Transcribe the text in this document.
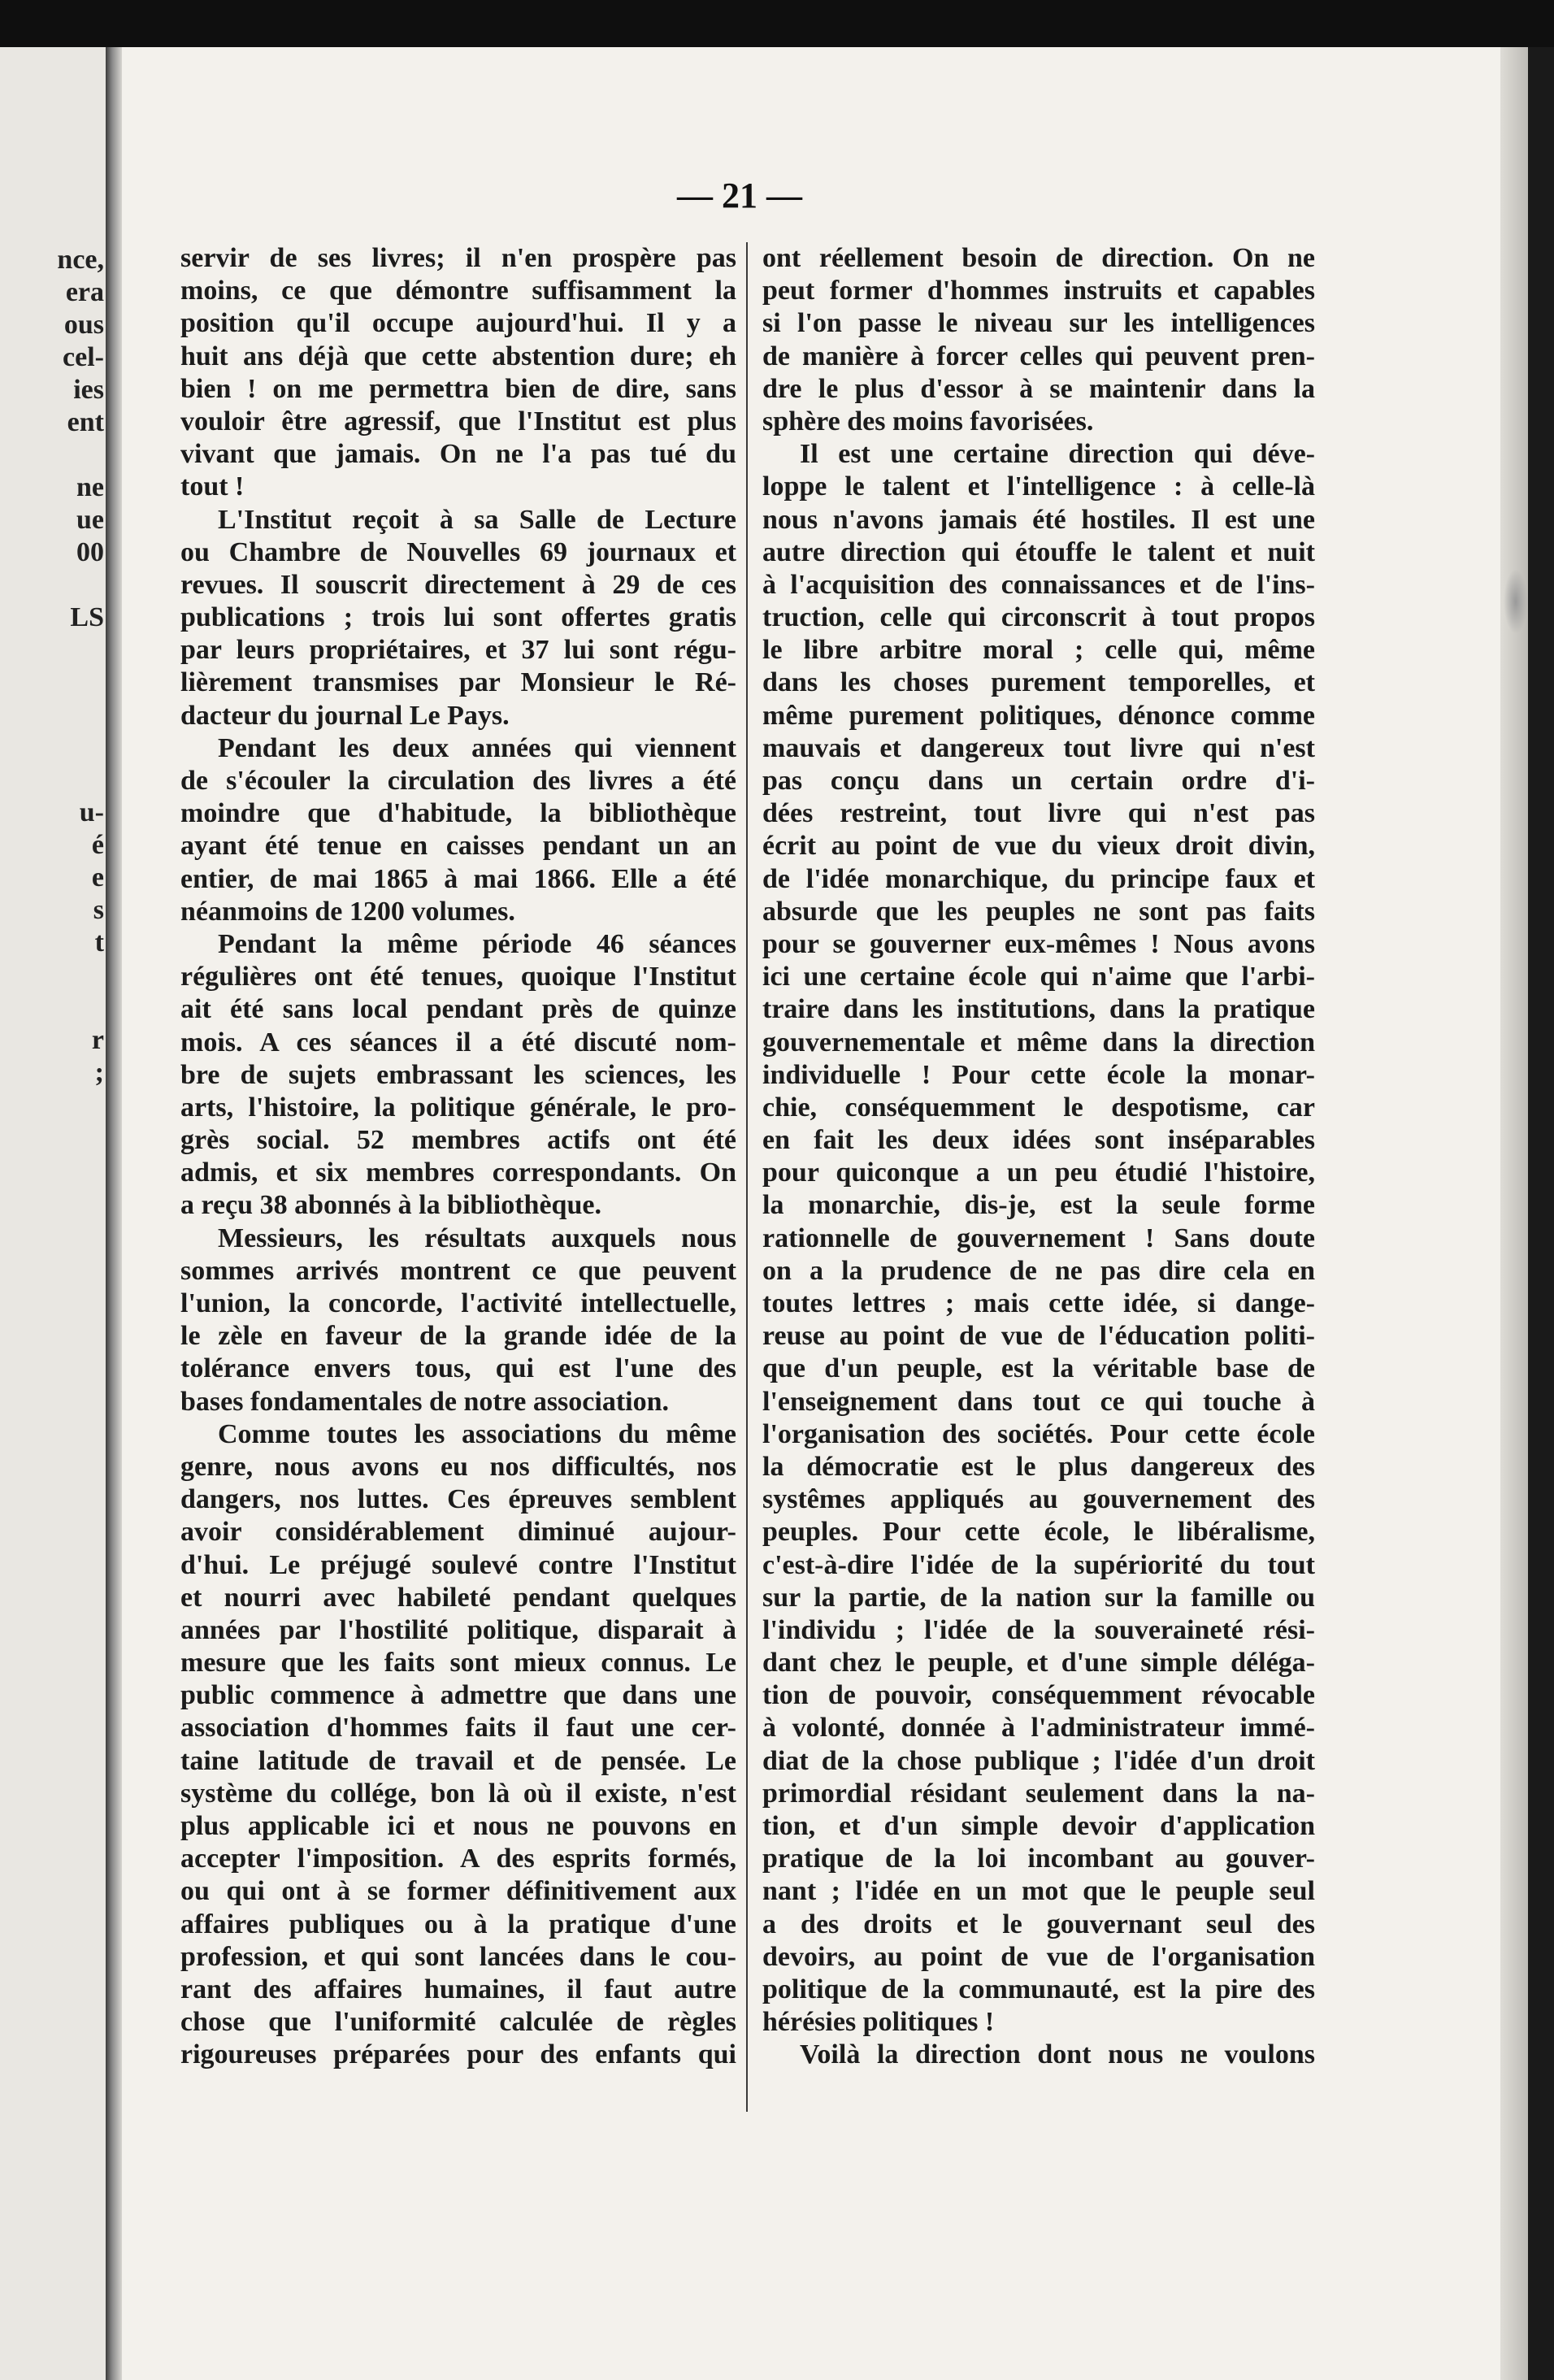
nce,
era
ous
cel-
ies
ent
ne
ue
00
LS
u-
é
e
s
t
r
;
— 21 —
servir de ses livres; il n'en prospère pas
moins, ce que démontre suffisamment la
position qu'il occupe aujourd'hui. Il y a
huit ans déjà que cette abstention dure; eh
bien ! on me permettra bien de dire, sans
vouloir être agressif, que l'Institut est plus
vivant que jamais. On ne l'a pas tué du
tout !
L'Institut reçoit à sa Salle de Lecture
ou Chambre de Nouvelles 69 journaux et
revues. Il souscrit directement à 29 de ces
publications ; trois lui sont offertes gratis
par leurs propriétaires, et 37 lui sont régu-
lièrement transmises par Monsieur le Ré-
dacteur du journal Le Pays.
Pendant les deux années qui viennent
de s'écouler la circulation des livres a été
moindre que d'habitude, la bibliothèque
ayant été tenue en caisses pendant un an
entier, de mai 1865 à mai 1866. Elle a été
néanmoins de 1200 volumes.
Pendant la même période 46 séances
régulières ont été tenues, quoique l'Institut
ait été sans local pendant près de quinze
mois. A ces séances il a été discuté nom-
bre de sujets embrassant les sciences, les
arts, l'histoire, la politique générale, le pro-
grès social. 52 membres actifs ont été
admis, et six membres correspondants. On
a reçu 38 abonnés à la bibliothèque.
Messieurs, les résultats auxquels nous
sommes arrivés montrent ce que peuvent
l'union, la concorde, l'activité intellectuelle,
le zèle en faveur de la grande idée de la
tolérance envers tous, qui est l'une des
bases fondamentales de notre association.
Comme toutes les associations du même
genre, nous avons eu nos difficultés, nos
dangers, nos luttes. Ces épreuves semblent
avoir considérablement diminué aujour-
d'hui. Le préjugé soulevé contre l'Institut
et nourri avec habileté pendant quelques
années par l'hostilité politique, disparait à
mesure que les faits sont mieux connus. Le
public commence à admettre que dans une
association d'hommes faits il faut une cer-
taine latitude de travail et de pensée. Le
système du collége, bon là où il existe, n'est
plus applicable ici et nous ne pouvons en
accepter l'imposition. A des esprits formés,
ou qui ont à se former définitivement aux
affaires publiques ou à la pratique d'une
profession, et qui sont lancées dans le cou-
rant des affaires humaines, il faut autre
chose que l'uniformité calculée de règles
rigoureuses préparées pour des enfants qui
ont réellement besoin de direction. On ne
peut former d'hommes instruits et capables
si l'on passe le niveau sur les intelligences
de manière à forcer celles qui peuvent pren-
dre le plus d'essor à se maintenir dans la
sphère des moins favorisées.
Il est une certaine direction qui déve-
loppe le talent et l'intelligence : à celle-là
nous n'avons jamais été hostiles. Il est une
autre direction qui étouffe le talent et nuit
à l'acquisition des connaissances et de l'ins-
truction, celle qui circonscrit à tout propos
le libre arbitre moral ; celle qui, même
dans les choses purement temporelles, et
même purement politiques, dénonce comme
mauvais et dangereux tout livre qui n'est
pas conçu dans un certain ordre d'i-
dées restreint, tout livre qui n'est pas
écrit au point de vue du vieux droit divin,
de l'idée monarchique, du principe faux et
absurde que les peuples ne sont pas faits
pour se gouverner eux-mêmes ! Nous avons
ici une certaine école qui n'aime que l'arbi-
traire dans les institutions, dans la pratique
gouvernementale et même dans la direction
individuelle ! Pour cette école la monar-
chie, conséquemment le despotisme, car
en fait les deux idées sont inséparables
pour quiconque a un peu étudié l'histoire,
la monarchie, dis-je, est la seule forme
rationnelle de gouvernement ! Sans doute
on a la prudence de ne pas dire cela en
toutes lettres ; mais cette idée, si dange-
reuse au point de vue de l'éducation politi-
que d'un peuple, est la véritable base de
l'enseignement dans tout ce qui touche à
l'organisation des sociétés. Pour cette école
la démocratie est le plus dangereux des
systêmes appliqués au gouvernement des
peuples. Pour cette école, le libéralisme,
c'est-à-dire l'idée de la supériorité du tout
sur la partie, de la nation sur la famille ou
l'individu ; l'idée de la souveraineté rési-
dant chez le peuple, et d'une simple déléga-
tion de pouvoir, conséquemment révocable
à volonté, donnée à l'administrateur immé-
diat de la chose publique ; l'idée d'un droit
primordial résidant seulement dans la na-
tion, et d'un simple devoir d'application
pratique de la loi incombant au gouver-
nant ; l'idée en un mot que le peuple seul
a des droits et le gouvernant seul des
devoirs, au point de vue de l'organisation
politique de la communauté, est la pire des
hérésies politiques !
Voilà la direction dont nous ne voulons
